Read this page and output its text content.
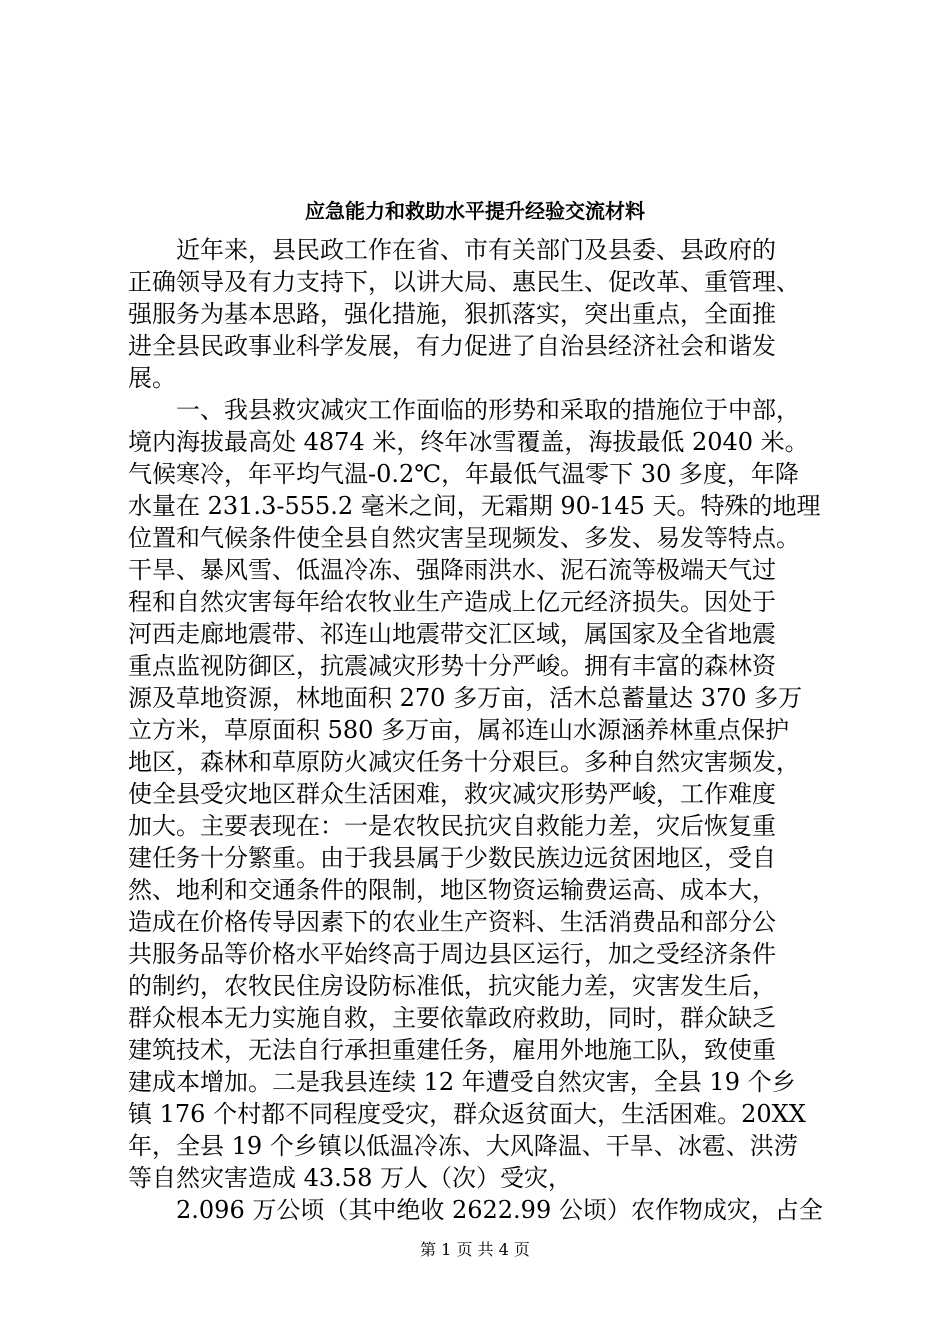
应急能力和救助水平提升经验交流材料
近年来，县民政工作在省、市有关部门及县委、县政府的
正确领导及有力支持下，以讲大局、惠民生、促改革、重管理、
强服务为基本思路，强化措施，狠抓落实，突出重点，全面推
进全县民政事业科学发展，有力促进了自治县经济社会和谐发
展。
一、我县救灾减灾工作面临的形势和采取的措施位于中部，
境内海拔最高处 4874 米，终年冰雪覆盖，海拔最低 2040 米。
气候寒冷，年平均气温-0.2℃，年最低气温零下 30 多度，年降
水量在 231.3-555.2 毫米之间，无霜期 90-145 天。特殊的地理
位置和气候条件使全县自然灾害呈现频发、多发、易发等特点。
干旱、暴风雪、低温冷冻、强降雨洪水、泥石流等极端天气过
程和自然灾害每年给农牧业生产造成上亿元经济损失。因处于
河西走廊地震带、祁连山地震带交汇区域，属国家及全省地震
重点监视防御区，抗震减灾形势十分严峻。拥有丰富的森林资
源及草地资源，林地面积 270 多万亩，活木总蓄量达 370 多万
立方米，草原面积 580 多万亩，属祁连山水源涵养林重点保护
地区，森林和草原防火减灾任务十分艰巨。多种自然灾害频发，
使全县受灾地区群众生活困难，救灾减灾形势严峻，工作难度
加大。主要表现在：一是农牧民抗灾自救能力差，灾后恢复重
建任务十分繁重。由于我县属于少数民族边远贫困地区，受自
然、地利和交通条件的限制，地区物资运输费运高、成本大，
造成在价格传导因素下的农业生产资料、生活消费品和部分公
共服务品等价格水平始终高于周边县区运行，加之受经济条件
的制约，农牧民住房设防标准低，抗灾能力差，灾害发生后，
群众根本无力实施自救，主要依靠政府救助，同时，群众缺乏
建筑技术，无法自行承担重建任务，雇用外地施工队，致使重
建成本增加。二是我县连续 12 年遭受自然灾害，全县 19 个乡
镇 176 个村都不同程度受灾，群众返贫面大，生活困难。20XX
年，全县 19 个乡镇以低温冷冻、大风降温、干旱、冰雹、洪涝
等自然灾害造成 43.58 万人（次）受灾，
2.096 万公顷（其中绝收 2622.99 公顷）农作物成灾，占全
第 1 页 共 4 页
